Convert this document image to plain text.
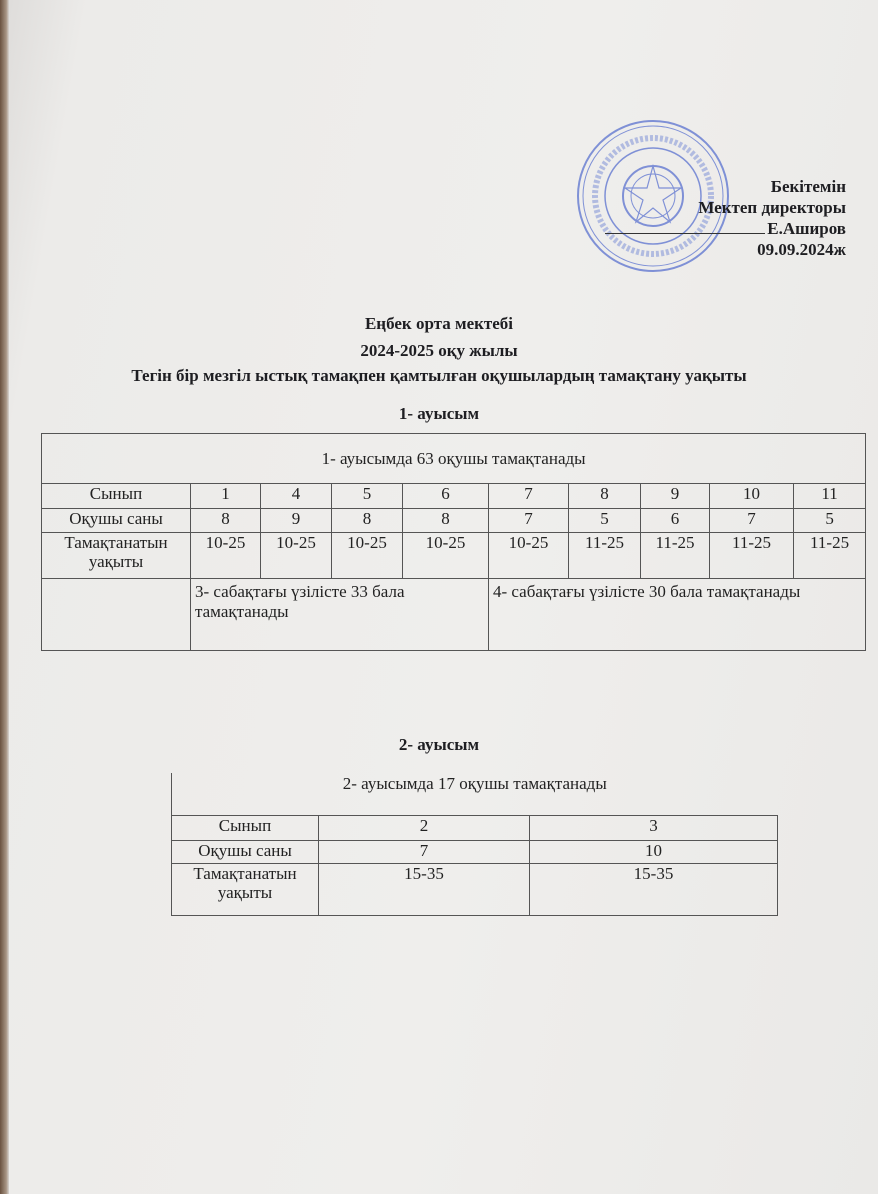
Бекітемін
Мектеп директоры
Е.Аширов
09.09.2024ж
Еңбек орта мектебі
2024-2025 оқу жылы
Тегін бір мезгіл ыстық тамақпен қамтылған оқушылардың тамақтану уақыты
1- ауысым
1- ауысымда 63 оқушы тамақтанады									
Сынып	1	4	5	6	7	8	9	10	11
Оқушы саны	8	9	8	8	7	5	6	7	5
Тамақтанатын уақыты	10-25	10-25	10-25	10-25	10-25	11-25	11-25	11-25	11-25
	3- сабақтағы үзілісте 33 бала тамақтанады				4- сабақтағы үзілісте 30 бала тамақтанады				
2- ауысым
2- ауысымда 17 оқушы тамақтанады		
Сынып	2	3
Оқушы саны	7	10
Тамақтанатын уақыты	15-35	15-35
